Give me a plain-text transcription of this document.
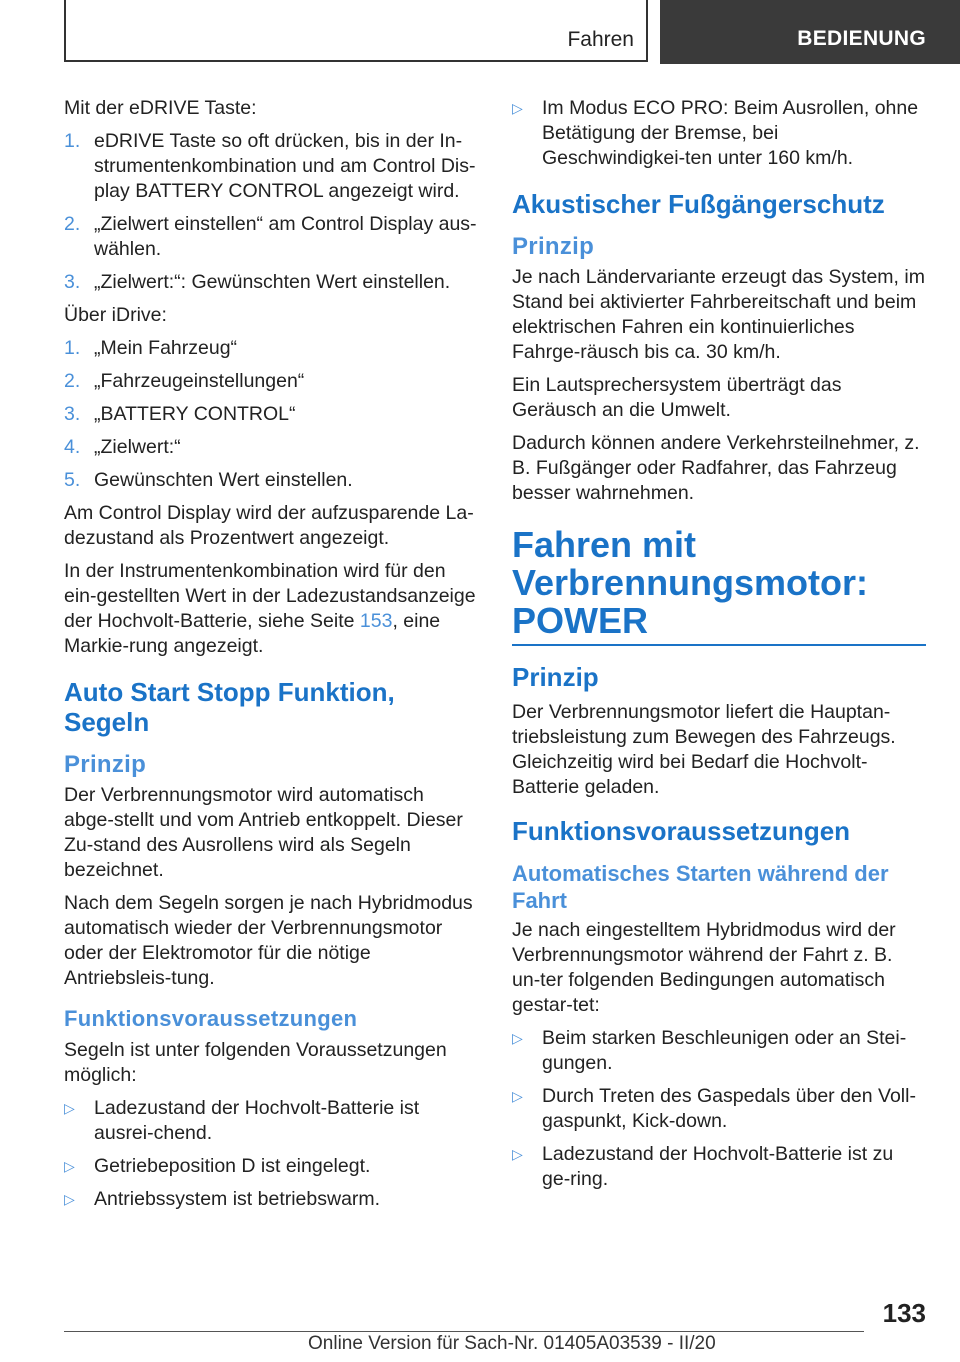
Fahren	BEDIENUNG

Mit der eDRIVE Taste:

1. eDRIVE Taste so oft drücken, bis in der In‐strumentenkombination und am Control Dis‐play BATTERY CONTROL angezeigt wird.
2. „Zielwert einstellen“ am Control Display aus‐wählen.
3. „Zielwert:“: Gewünschten Wert einstellen.

Über iDrive:

1. „Mein Fahrzeug“
2. „Fahrzeugeinstellungen“
3. „BATTERY CONTROL“
4. „Zielwert:“
5. Gewünschten Wert einstellen.

Am Control Display wird der aufzusparende La‐dezustand als Prozentwert angezeigt.

In der Instrumentenkombination wird für den ein‐gestellten Wert in der Ladezustandsanzeige der Hochvolt-Batterie, siehe Seite 153, eine Markie‐rung angezeigt.

Auto Start Stopp Funktion, Segeln
Prinzip

Der Verbrennungsmotor wird automatisch abge‐stellt und vom Antrieb entkoppelt. Dieser Zu‐stand des Ausrollens wird als Segeln bezeichnet.

Nach dem Segeln sorgen je nach Hybridmodus automatisch wieder der Verbrennungsmotor oder der Elektromotor für die nötige Antriebsleis‐tung.

Funktionsvoraussetzungen

Segeln ist unter folgenden Voraussetzungen möglich:

▷ Ladezustand der Hochvolt-Batterie ist ausrei‐chend.
▷ Getriebeposition D ist eingelegt.
▷ Antriebssystem ist betriebswarm.
▷ Im Modus ECO PRO: Beim Ausrollen, ohne Betätigung der Bremse, bei Geschwindigkei‐ten unter 160 km/h.
Akustischer Fußgängerschutz
Prinzip

Je nach Ländervariante erzeugt das System, im Stand bei aktivierter Fahrbereitschaft und beim elektrischen Fahren ein kontinuierliches Fahrge‐räusch bis ca. 30 km/h.

Ein Lautsprechersystem überträgt das Geräusch an die Umwelt.

Dadurch können andere Verkehrsteilnehmer, z. B. Fußgänger oder Radfahrer, das Fahrzeug besser wahrnehmen.

Fahren mit Verbrennungsmotor: POWER
Prinzip

Der Verbrennungsmotor liefert die Hauptan‐triebsleistung zum Bewegen des Fahrzeugs. Gleichzeitig wird bei Bedarf die Hochvolt-Batterie geladen.

Funktionsvoraussetzungen
Automatisches Starten während der Fahrt

Je nach eingestelltem Hybridmodus wird der Verbrennungsmotor während der Fahrt z. B. un‐ter folgenden Bedingungen automatisch gestar‐tet:

▷ Beim starken Beschleunigen oder an Stei‐gungen.
▷ Durch Treten des Gaspedals über den Voll‐gaspunkt, Kick-down.
▷ Ladezustand der Hochvolt-Batterie ist zu ge‐ring.
133
Online Version für Sach-Nr. 01405A03539 - II/20
